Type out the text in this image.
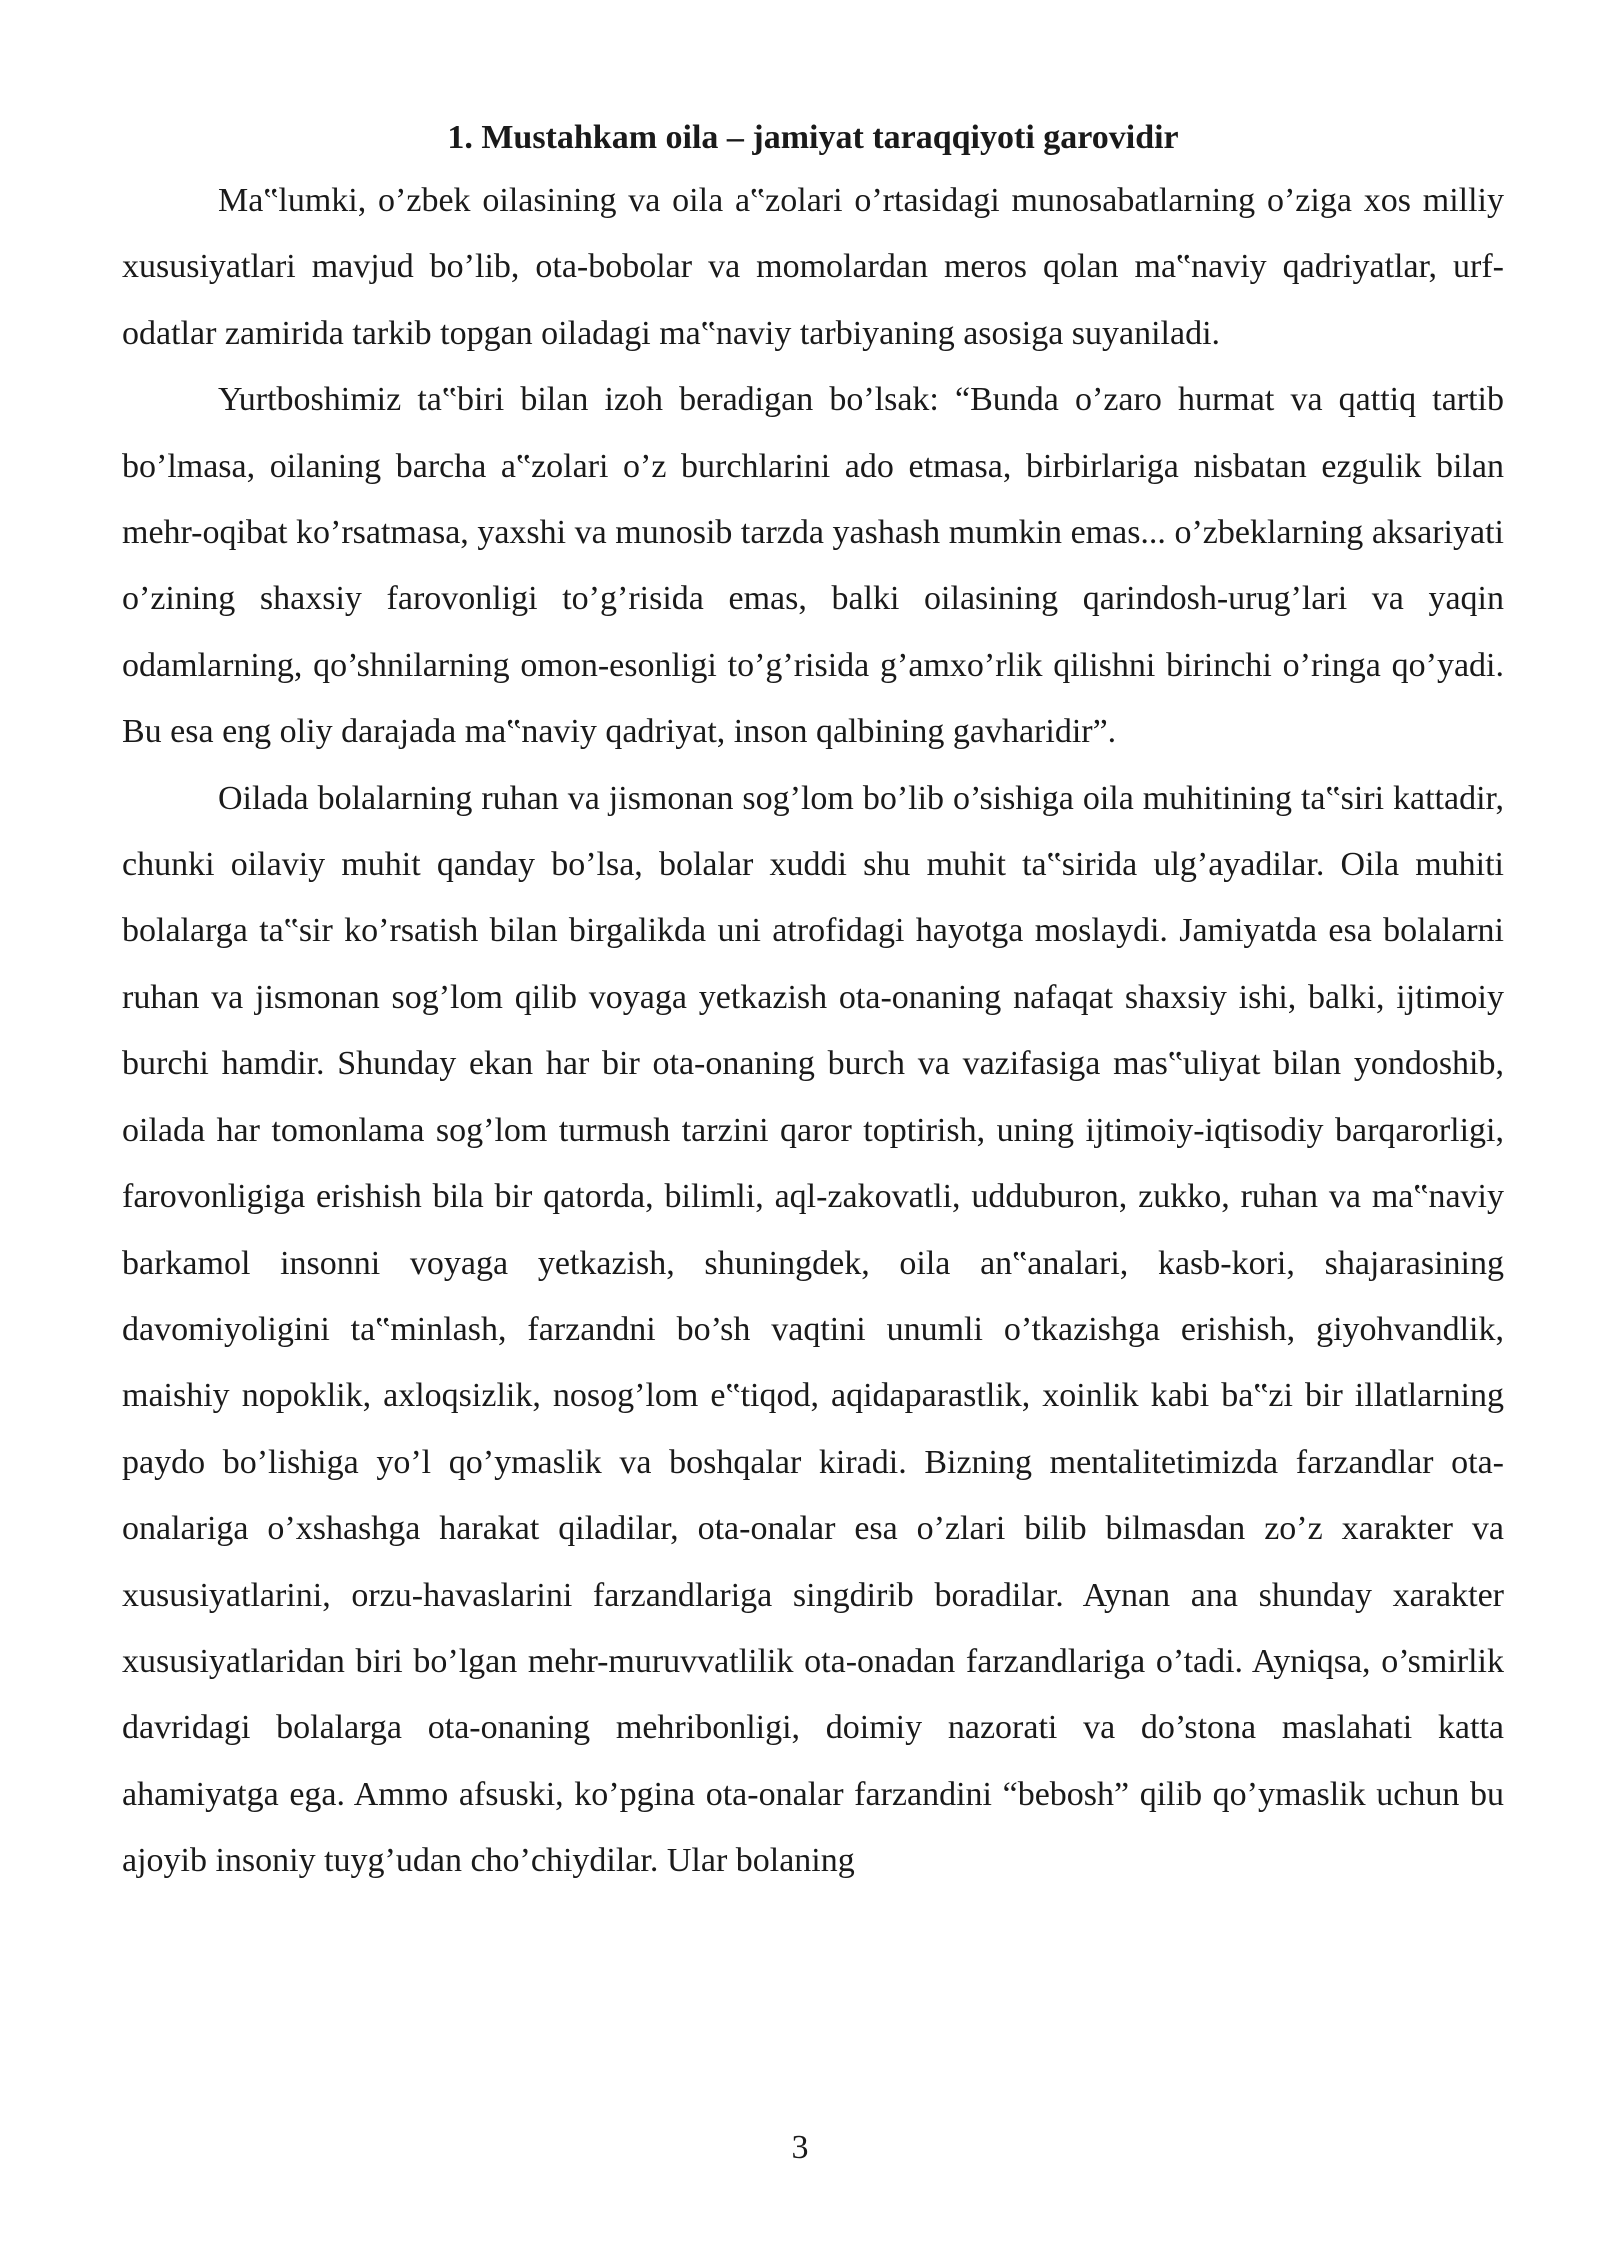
1. Mustahkam oila – jamiyat taraqqiyoti garovidir

Ma‟lumki, o’zbek oilasining va oila a‟zolari o’rtasidagi munosabatlarning o’ziga xos milliy xususiyatlari mavjud bo’lib, ota-bobolar va momolardan meros qolan ma‟naviy qadriyatlar, urf-odatlar zamirida tarkib topgan oiladagi ma‟naviy tarbiyaning asosiga suyaniladi.

Yurtboshimiz ta‟biri bilan izoh beradigan bo’lsak: “Bunda o’zaro hurmat va qattiq tartib bo’lmasa, oilaning barcha a‟zolari o’z burchlarini ado etmasa, birbirlariga nisbatan ezgulik bilan mehr-oqibat ko’rsatmasa, yaxshi va munosib tarzda yashash mumkin emas... o’zbeklarning aksariyati o’zining shaxsiy farovonligi to’g’risida emas, balki oilasining qarindosh-urug’lari va yaqin odamlarning, qo’shnilarning omon-esonligi to’g’risida g’amxo’rlik qilishni birinchi o’ringa qo’yadi. Bu esa eng oliy darajada ma‟naviy qadriyat, inson qalbining gavharidir”.

Oilada bolalarning ruhan va jismonan sog’lom bo’lib o’sishiga oila muhitining ta‟siri kattadir, chunki oilaviy muhit qanday bo’lsa, bolalar xuddi shu muhit ta‟sirida ulg’ayadilar. Oila muhiti bolalarga ta‟sir ko’rsatish bilan birgalikda uni atrofidagi hayotga moslaydi. Jamiyatda esa bolalarni ruhan va jismonan sog’lom qilib voyaga yetkazish ota-onaning nafaqat shaxsiy ishi, balki, ijtimoiy burchi hamdir. Shunday ekan har bir ota-onaning burch va vazifasiga mas‟uliyat bilan yondoshib, oilada har tomonlama sog’lom turmush tarzini qaror toptirish, uning ijtimoiy-iqtisodiy barqarorligi, farovonligiga erishish bila bir qatorda, bilimli, aql-zakovatli, udduburon, zukko, ruhan va ma‟naviy barkamol insonni voyaga yetkazish, shuningdek, oila an‟analari, kasb-kori, shajarasining davomiyoligini ta‟minlash, farzandni bo’sh vaqtini unumli o’tkazishga erishish, giyohvandlik, maishiy nopoklik, axloqsizlik, nosog’lom e‟tiqod, aqidaparastlik, xoinlik kabi ba‟zi bir illatlarning paydo bo’lishiga yo’l qo’ymaslik va boshqalar kiradi. Bizning mentalitetimizda farzandlar ota-onalariga o’xshashga harakat qiladilar, ota-onalar esa o’zlari bilib bilmasdan zo’z xarakter va xususiyatlarini, orzu-havaslarini farzandlariga singdirib boradilar. Aynan ana shunday xarakter xususiyatlaridan biri bo’lgan mehr-muruvvatlilik ota-onadan farzandlariga o’tadi. Ayniqsa, o’smirlik davridagi bolalarga ota-onaning mehribonligi, doimiy nazorati va do’stona maslahati katta ahamiyatga ega. Ammo afsuski, ko’pgina ota-onalar farzandini “bebosh” qilib qo’ymaslik uchun bu ajoyib insoniy tuyg’udan cho’chiydilar. Ular bolaning

3
